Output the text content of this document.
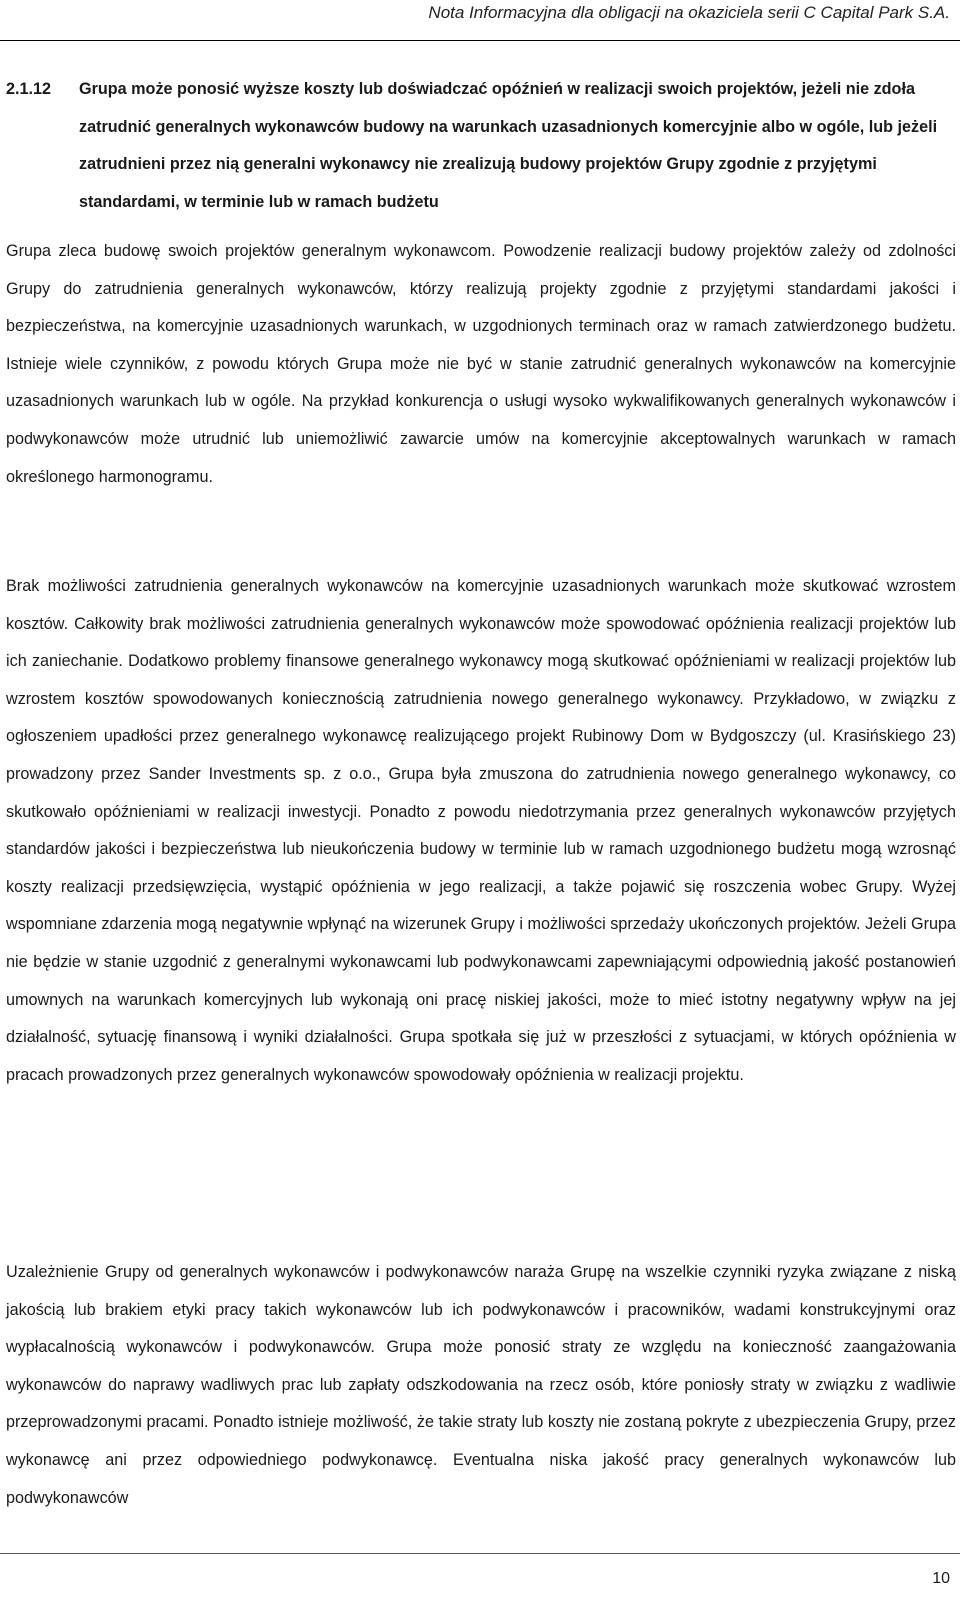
Nota Informacyjna dla obligacji na okaziciela serii C Capital Park S.A.
2.1.12	Grupa może ponosić wyższe koszty lub doświadczać opóźnień w realizacji swoich projektów, jeżeli nie zdoła zatrudnić generalnych wykonawców budowy na warunkach uzasadnionych komercyjnie albo w ogóle, lub jeżeli zatrudnieni przez nią generalni wykonawcy nie zrealizują budowy projektów Grupy zgodnie z przyjętymi standardami, w terminie lub w ramach budżetu

Grupa zleca budowę swoich projektów generalnym wykonawcom. Powodzenie realizacji budowy projektów zależy od zdolności Grupy do zatrudnienia generalnych wykonawców, którzy realizują projekty zgodnie z przyjętymi standardami jakości i bezpieczeństwa, na komercyjnie uzasadnionych warunkach, w uzgodnionych terminach oraz w ramach zatwierdzonego budżetu. Istnieje wiele czynników, z powodu których Grupa może nie być w stanie zatrudnić generalnych wykonawców na komercyjnie uzasadnionych warunkach lub w ogóle. Na przykład konkurencja o usługi wysoko wykwalifikowanych generalnych wykonawców i podwykonawców może utrudnić lub uniemożliwić zawarcie umów na komercyjnie akceptowalnych warunkach w ramach określonego harmonogramu.

Brak możliwości zatrudnienia generalnych wykonawców na komercyjnie uzasadnionych warunkach może skutkować wzrostem kosztów. Całkowity brak możliwości zatrudnienia generalnych wykonawców może spowodować opóźnienia realizacji projektów lub ich zaniechanie. Dodatkowo problemy finansowe generalnego wykonawcy mogą skutkować opóźnieniami w realizacji projektów lub wzrostem kosztów spowodowanych koniecznością zatrudnienia nowego generalnego wykonawcy. Przykładowo, w związku z ogłoszeniem upadłości przez generalnego wykonawcę realizującego projekt Rubinowy Dom w Bydgoszczy (ul. Krasińskiego 23) prowadzony przez Sander Investments sp. z o.o., Grupa była zmuszona do zatrudnienia nowego generalnego wykonawcy, co skutkowało opóźnieniami w realizacji inwestycji. Ponadto z powodu niedotrzymania przez generalnych wykonawców przyjętych standardów jakości i bezpieczeństwa lub nieukończenia budowy w terminie lub w ramach uzgodnionego budżetu mogą wzrosnąć koszty realizacji przedsięwzięcia, wystąpić opóźnienia w jego realizacji, a także pojawić się roszczenia wobec Grupy. Wyżej wspomniane zdarzenia mogą negatywnie wpłynąć na wizerunek Grupy i możliwości sprzedaży ukończonych projektów. Jeżeli Grupa nie będzie w stanie uzgodnić z generalnymi wykonawcami lub podwykonawcami zapewniającymi odpowiednią jakość postanowień umownych na warunkach komercyjnych lub wykonają oni pracę niskiej jakości, może to mieć istotny negatywny wpływ na jej działalność, sytuację finansową i wyniki działalności. Grupa spotkała się już w przeszłości z sytuacjami, w których opóźnienia w pracach prowadzonych przez generalnych wykonawców spowodowały opóźnienia w realizacji projektu.

Uzależnienie Grupy od generalnych wykonawców i podwykonawców naraża Grupę na wszelkie czynniki ryzyka związane z niską jakością lub brakiem etyki pracy takich wykonawców lub ich podwykonawców i pracowników, wadami konstrukcyjnymi oraz wypłacalnością wykonawców i podwykonawców. Grupa może ponosić straty ze względu na konieczność zaangażowania wykonawców do naprawy wadliwych prac lub zapłaty odszkodowania na rzecz osób, które poniosły straty w związku z wadliwie przeprowadzonymi pracami. Ponadto istnieje możliwość, że takie straty lub koszty nie zostaną pokryte z ubezpieczenia Grupy, przez wykonawcę ani przez odpowiedniego podwykonawcę. Eventualna niska jakość pracy generalnych wykonawców lub podwykonawców

10
